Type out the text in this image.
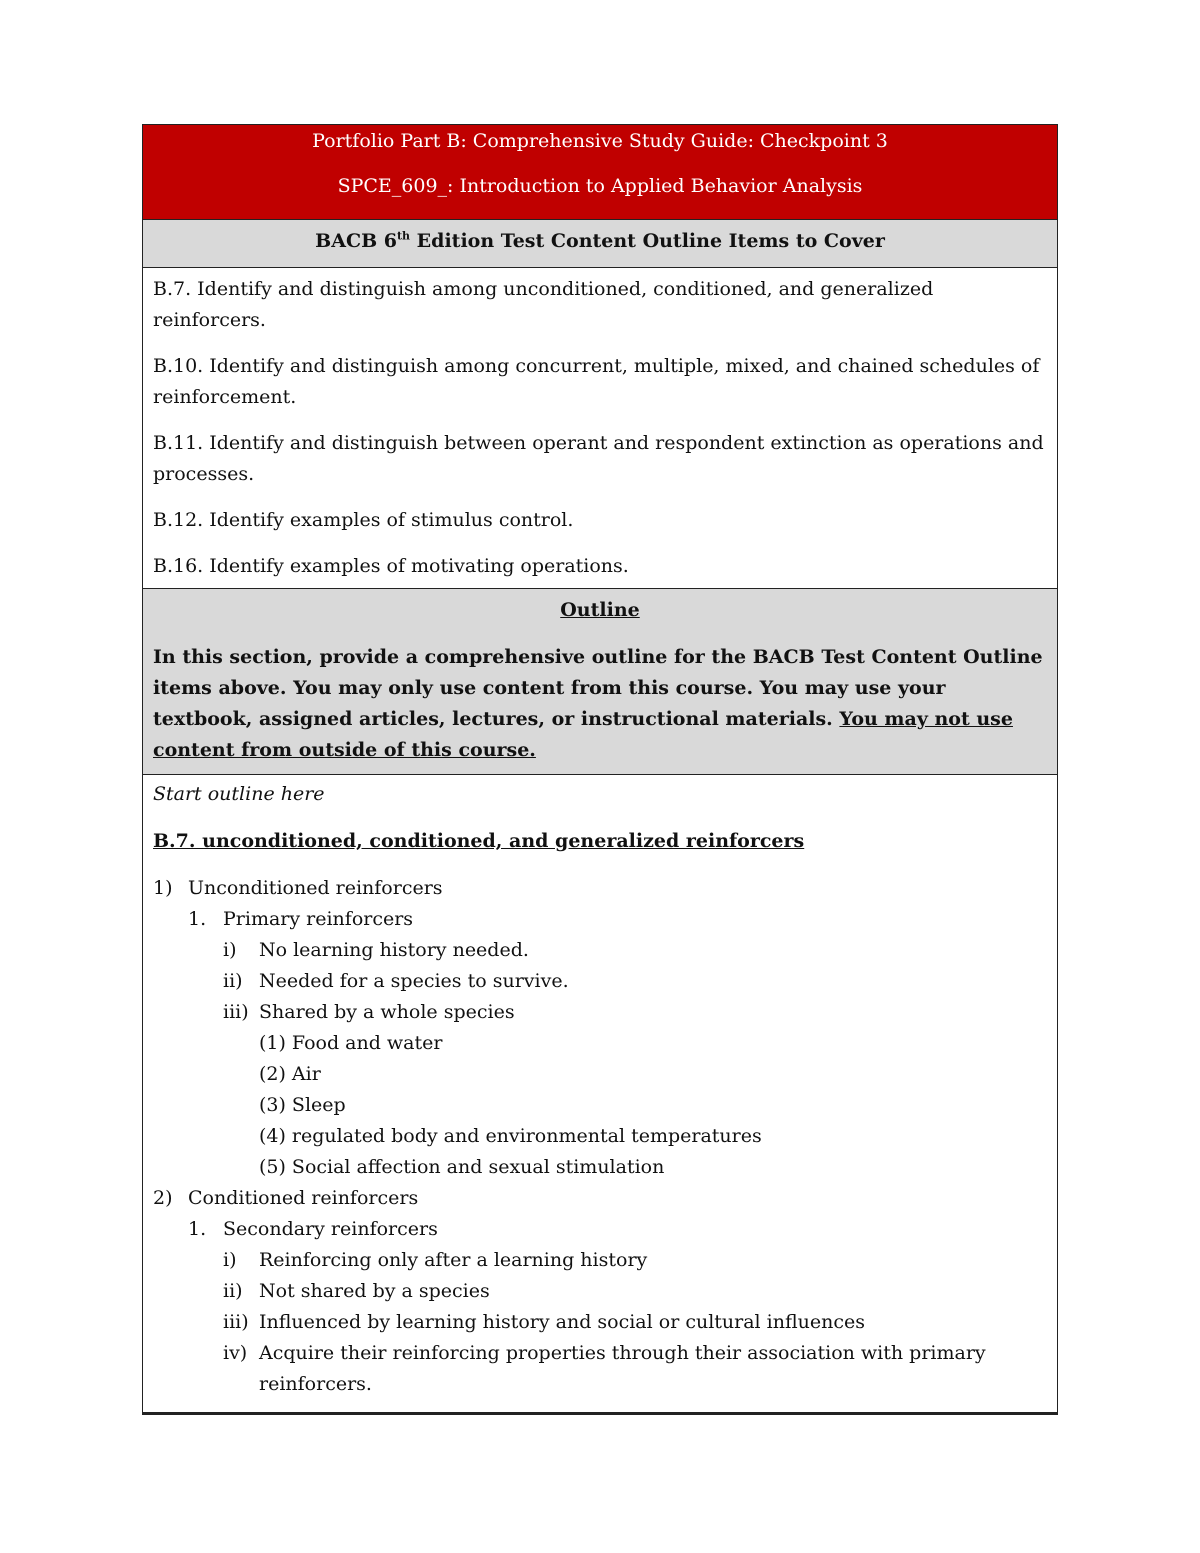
Portfolio Part B: Comprehensive Study Guide: Checkpoint 3
SPCE_609_: Introduction to Applied Behavior Analysis
BACB 6th Edition Test Content Outline Items to Cover

B.7. Identify and distinguish among unconditioned, conditioned, and generalized reinforcers.

B.10. Identify and distinguish among concurrent, multiple, mixed, and chained schedules of reinforcement.

B.11. Identify and distinguish between operant and respondent extinction as operations and processes.

B.12. Identify examples of stimulus control.

B.16. Identify examples of motivating operations.

Outline

In this section, provide a comprehensive outline for the BACB Test Content Outline items above. You may only use content from this course. You may use your textbook, assigned articles, lectures, or instructional materials. You may not use content from outside of this course.

Start outline here

B.7. unconditioned, conditioned, and generalized reinforcers

1) Unconditioned reinforcers
1. Primary reinforcers
i) No learning history needed.
ii) Needed for a species to survive.
iii) Shared by a whole species
(1) Food and water
(2) Air
(3) Sleep
(4) regulated body and environmental temperatures
(5) Social affection and sexual stimulation
2) Conditioned reinforcers
1. Secondary reinforcers
i) Reinforcing only after a learning history
ii) Not shared by a species
iii) Influenced by learning history and social or cultural influences
iv) Acquire their reinforcing properties through their association with primary reinforcers.
